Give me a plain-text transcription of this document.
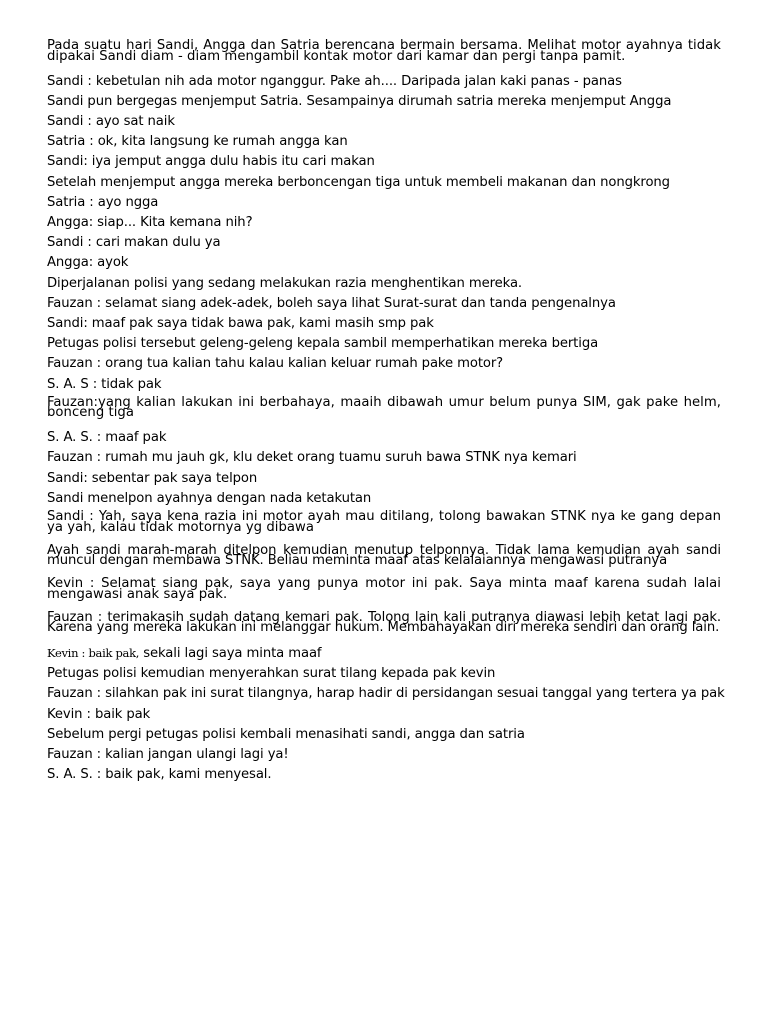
Pada suatu hari Sandi, Angga dan Satria berencana bermain bersama. Melihat motor ayahnya tidak dipakai Sandi diam - diam mengambil kontak motor dari kamar dan pergi tanpa pamit.
Sandi : kebetulan nih ada motor nganggur. Pake ah.... Daripada jalan kaki panas - panas
Sandi pun bergegas menjemput Satria. Sesampainya dirumah satria mereka menjemput Angga
Sandi : ayo sat naik
Satria : ok, kita langsung ke rumah angga kan
Sandi: iya jemput angga dulu habis itu cari makan
Setelah menjemput angga mereka berboncengan tiga untuk membeli makanan dan nongkrong
Satria : ayo ngga
Angga: siap... Kita kemana nih?
Sandi : cari makan dulu ya
Angga: ayok
Diperjalanan polisi yang sedang melakukan razia menghentikan mereka.
Fauzan : selamat siang adek-adek, boleh saya lihat Surat-surat dan tanda pengenalnya
Sandi: maaf pak saya tidak bawa pak, kami masih smp pak
Petugas polisi tersebut geleng-geleng kepala sambil memperhatikan mereka bertiga
Fauzan : orang tua kalian tahu kalau kalian keluar rumah pake motor?
S. A. S : tidak pak
Fauzan:yang kalian lakukan ini berbahaya, maaih dibawah umur belum punya SIM, gak pake helm, bonceng tiga
S. A. S. : maaf pak
Fauzan : rumah mu jauh gk, klu deket orang tuamu suruh bawa STNK nya kemari
Sandi: sebentar pak saya telpon
Sandi menelpon ayahnya dengan nada ketakutan
Sandi : Yah, saya kena razia ini motor ayah mau ditilang, tolong bawakan STNK nya ke gang depan ya yah, kalau tidak motornya yg dibawa
Ayah sandi marah-marah ditelpon kemudian menutup telponnya. Tidak lama kemudian ayah sandi muncul dengan membawa STNK. Beliau meminta maaf atas kelalaiannya mengawasi putranya
Kevin : Selamat siang pak, saya yang punya motor ini pak. Saya minta maaf karena sudah lalai mengawasi anak saya pak.
Fauzan : terimakasih sudah datang kemari pak. Tolong lain kali putranya diawasi lebih ketat lagi pak. Karena yang mereka lakukan ini melanggar hukum. Membahayakan diri mereka sendiri dan orang lain.
Kevin : baik pak, sekali lagi saya minta maaf
Petugas polisi kemudian menyerahkan surat tilang kepada pak kevin
Fauzan : silahkan pak ini surat tilangnya, harap hadir di persidangan sesuai tanggal yang tertera ya pak
Kevin : baik pak
Sebelum pergi petugas polisi kembali menasihati sandi, angga dan satria
Fauzan : kalian jangan ulangi lagi ya!
S. A. S. : baik pak, kami menyesal.
